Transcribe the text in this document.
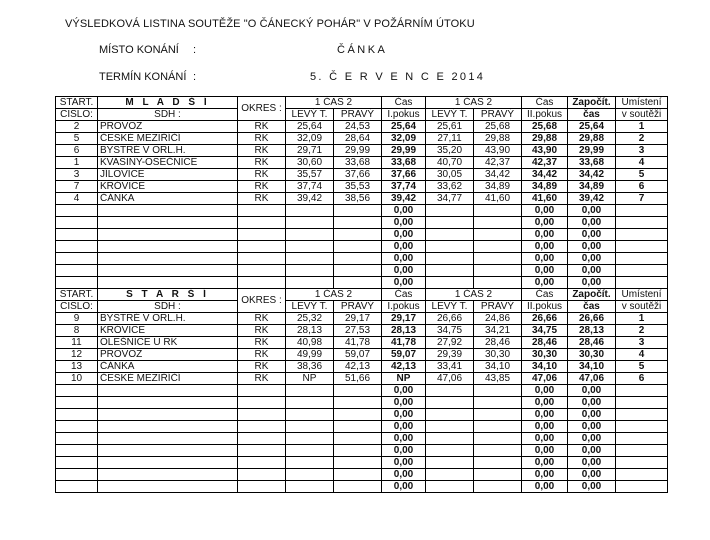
VÝSLEDKOVÁ LISTINA SOUTĚŽE "O ČÁNECKÝ POHÁR" V POŽÁRNÍM ÚTOKU
MÍSTO KONÁNÍ :	ČÁNKA
TERMÍN KONÁNÍ :	5. Č E R V E N C E 2014
START.	M L A D Š Í	OKRES :	1 ČAS 2		Čas	1 ČAS 2		Čas	Započít.	Umístení
CISLO:	SDH :		LEVÝ T.	PRAVÝ	I.pokus	LEVÝ T.	PRAVÝ	II.pokus	čas	v soutěži
2	PROVOZ	RK	25,64	24,53	25,64	25,61	25,68	25,68	25,64	1
5	ČESKÉ MEZIŘÍČÍ	RK	32,09	28,64	32,09	27,11	29,88	29,88	29,88	2
6	BYSTRÉ V ORL.H.	RK	29,71	29,99	29,99	35,20	43,90	43,90	29,99	3
1	KVASINY-OSEČNICE	RK	30,60	33,68	33,68	40,70	42,37	42,37	33,68	4
3	JÍLOVICE	RK	35,57	37,66	37,66	30,05	34,42	34,42	34,42	5
7	KRÓVICE	RK	37,74	35,53	37,74	33,62	34,89	34,89	34,89	6
4	ČÁNKA	RK	39,42	38,56	39,42	34,77	41,60	41,60	39,42	7
					0,00			0,00	0,00	
					0,00			0,00	0,00	
					0,00			0,00	0,00	
					0,00			0,00	0,00	
					0,00			0,00	0,00	
					0,00			0,00	0,00	
					0,00			0,00	0,00	
START.	S T A R Š Í	OKRES :	1 ČAS 2		Čas	1 ČAS 2		Čas	Započít.	Umístení
CISLO:	SDH :		LEVÝ T.	PRAVÝ	I.pokus	LEVÝ T.	PRAVÝ	II.pokus	čas	v soutěži
9	BYSTRÉ V ORL.H.	RK	25,32	29,17	29,17	26,66	24,86	26,66	26,66	1
8	KRÓVICE	RK	28,13	27,53	28,13	34,75	34,21	34,75	28,13	2
11	OLEŠNICE U RK	RK	40,98	41,78	41,78	27,92	28,46	28,46	28,46	3
12	PROVOZ	RK	49,99	59,07	59,07	29,39	30,30	30,30	30,30	4
13	ČÁNKA	RK	38,36	42,13	42,13	33,41	34,10	34,10	34,10	5
10	ČESKÉ MEZIŘÍČÍ	RK	NP	51,66	NP	47,06	43,85	47,06	47,06	6
					0,00			0,00	0,00	
					0,00			0,00	0,00	
					0,00			0,00	0,00	
					0,00			0,00	0,00	
					0,00			0,00	0,00	
					0,00			0,00	0,00	
					0,00			0,00	0,00	
					0,00			0,00	0,00	
					0,00			0,00	0,00	
